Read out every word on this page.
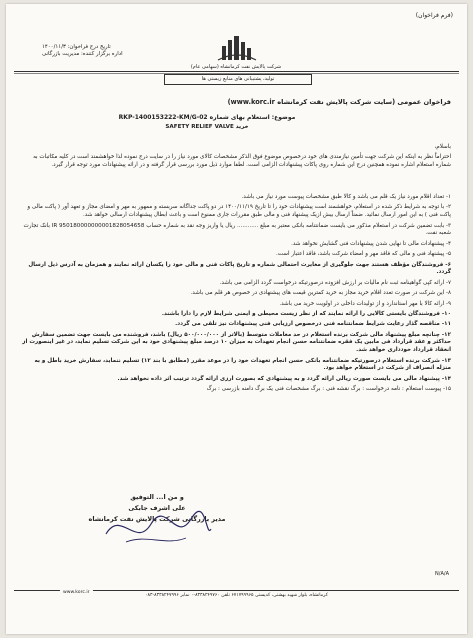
(فرم فراخوان)
شرکت پالایش نفت کرمانشاه (سهامی عام)
تاریخ درج فراخوان: ۱۴۰۰/۱۱/۳
اداره برگزار کننده: مدیریت بازرگانی
تولید، پشتیبانی های منابع زیستی ها
فراخوان عمومی (سایت شرکت پالایش نفت کرمانشاه www.korc.ir)
موضوع: استعلام بهای شماره RKP-1400153222-KM/G-02
خرید SAFETY RELIEF VALVE
باسلام،
احتراماً نظر به اینکه این شرکت جهت تأمین نیازمندی های خود درخصوص موضوع فوق الذکر مشخصات کالای مورد نیاز را در سایت درج نموده لذا خواهشمند است در کلیه مکاتبات به شماره استعلام اشاره نموده همچنین درج این شماره روی پاکات پیشنهادات الزامی است. لطفا موارد ذیل مورد بررسی قرار گرفته و در ارائه پیشنهادات مورد توجه قرار گیرد.
۱- تعداد اقلام مورد نیاز یک قلم می باشد و کالا طبق مشخصات پیوست مورد نیاز می باشد.
۲- با توجه به شرایط ذکر شده در استعلام، خواهشمند است پیشنهادات خود را تا تاریخ ۱۴۰۰/۱۱/۱۹ در دو پاکت جداگانه سربسته و ممهور به مهر و امضای مجاز و تعهد آور ( پاکت مالی و پاکت فنی ) به این امور ارسال نمائید. ضمناً ارسال بیش ازیک پیشنهاد فنی و مالی طبق مقررات جاری ممنوع است و باعث ابطال پیشنهادات ارسالی خواهد شد.
۳- بابت تضمین شرکت در استعلام مذکور می بایست ضمانتنامه بانکی معتبر به مبلغ ............ ریال یا واریز وجه نقد به شماره حساب IR 950180000000001828054658 بانک تجارت شعبه نفت.
۴- پیشنهادات مالی تا نهایی شدن پیشنهادات فنی گشایش نخواهد شد.
۵- پیشنهاد فنی و مالی که فاقد مهر و امضاء شرکت باشد، فاقد اعتبار است.
۶- فروشندگان مؤظف هستند جهت جلوگیری از مغایرت احتمالی شماره و تاریخ پاکات فنی و مالی خود را یکسان ارائه نمایند و همزمان به آدرس ذیل ارسال گردد.
۷- ارائه کپی گواهینامه ثبت نام مالیات بر ارزش افزوده درصورتیکه درخواست گردد الزامی می باشد.
۸- این شرکت در صورت تعدد اقلام خرید مجاز به خرید کمترین قیمت های پیشنهادی در خصوص هر قلم می باشد.
۹- ارائه کالا با مهر استاندارد و از تولیدات داخلی در اولویت خرید می باشد.
۱۰- فروشندگان بایستی کالایی را ارائه نمایند که از نظر زیست محیطی و ایمنی شرایط لازم را دارا باشند.
۱۱- مناقصه گذار رعایت شرایط ضمانتنامه فنی درخصوص ارزیابی فنی پیشنهادات نیز تلقی می گردد.
۱۲- چنانچه مبلغ پیشنهاد مالی شرکت برنده استعلام در حد معاملات متوسط (بالاتر از ۵۰۰/۰۰۰/۰۰۰ ریال) باشد، فروشنده می بایست جهت تضمین سفارش حداکثر و عقد قرارداد فی مابین یک فقره ضمانتنامه حسن انجام تعهدات به میزان ۱۰ درصد مبلغ پیشنهادی خود به این شرکت تسلیم نماید، در غیر اینصورت از انعقاد قرارداد خودداری خواهد شد.
۱۳- شرکت برنده استعلام درصورتیکه ضمانتنامه بانکی حسن انجام تعهدات خود را در موعد مقرر (مطابق با بند ۱۲) تسلیم ننماید، سفارش خرید باطل و به منزله انصراف از شرکت در استعلام خواهد بود.
۱۴- پیشنهاد مالی می بایست صورت ریالی ارائه گردد و به پیشنهادی که بصورت ارزی ارائه گردد ترتیب اثر داده نخواهد شد.
۱۵- پیوست استعلام : نامه درخواست : برگ نقشه فنی : برگ مشخصات فنی یک برگ دامنه بازرسی : برگ
و من ا... التوفیق
علی اشرف جابکی
مدیر بازرگانی شرکت پالایش نفت کرمانشاه
N/A/A
کرمانشاه، بلوار شهید بهشتی، کدپستی ۶۷۱۷۹۹۹۶۵ تلفن ۸۳۳۸۲۴۹۷۶۰-۰ نمابر ۸۳۳۸۲۴۷۹۹۶-۰۸۳
www.korc.ir
